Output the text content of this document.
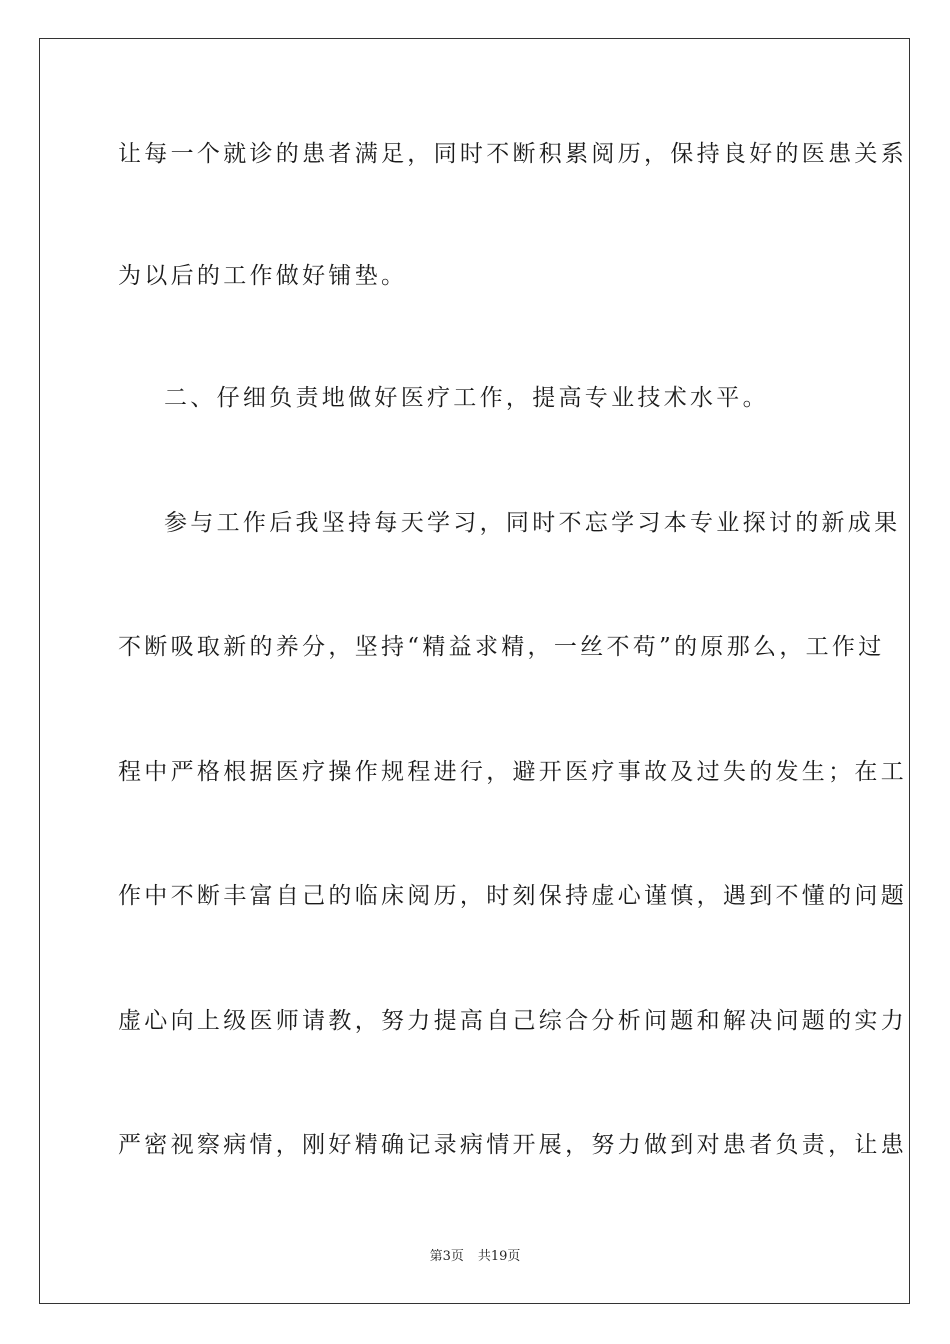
让每一个就诊的患者满足，同时不断积累阅历，保持良好的医患关系
为以后的工作做好铺垫。
二、仔细负责地做好医疗工作，提高专业技术水平。
参与工作后我坚持每天学习，同时不忘学习本专业探讨的新成果
不断吸取新的养分，坚持“精益求精，一丝不苟”的原那么，工作过
程中严格根据医疗操作规程进行，避开医疗事故及过失的发生；在工
作中不断丰富自己的临床阅历，时刻保持虚心谨慎，遇到不懂的问题
虚心向上级医师请教，努力提高自己综合分析问题和解决问题的实力
严密视察病情，刚好精确记录病情开展，努力做到对患者负责，让患
第3页 共19页
